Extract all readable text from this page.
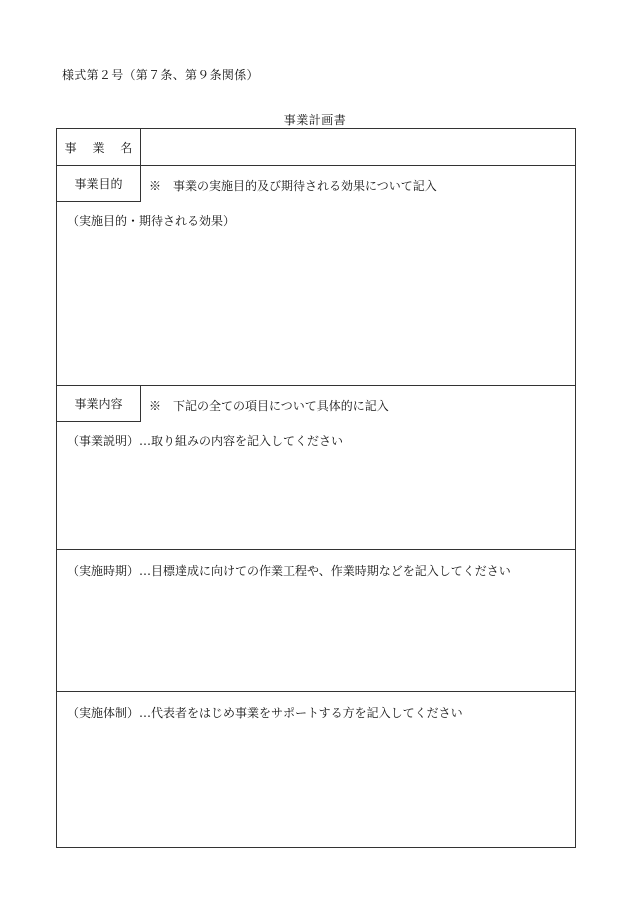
様式第２号（第７条、第９条関係）
事業計画書
事 業 名
事業目的 ※　事業の実施目的及び期待される効果について記入
（実施目的・期待される効果）
事業内容 ※　下記の全ての項目について具体的に記入
（事業説明）…取り組みの内容を記入してください
（実施時期）…目標達成に向けての作業工程や、作業時期などを記入してください
（実施体制）…代表者をはじめ事業をサポートする方を記入してください
